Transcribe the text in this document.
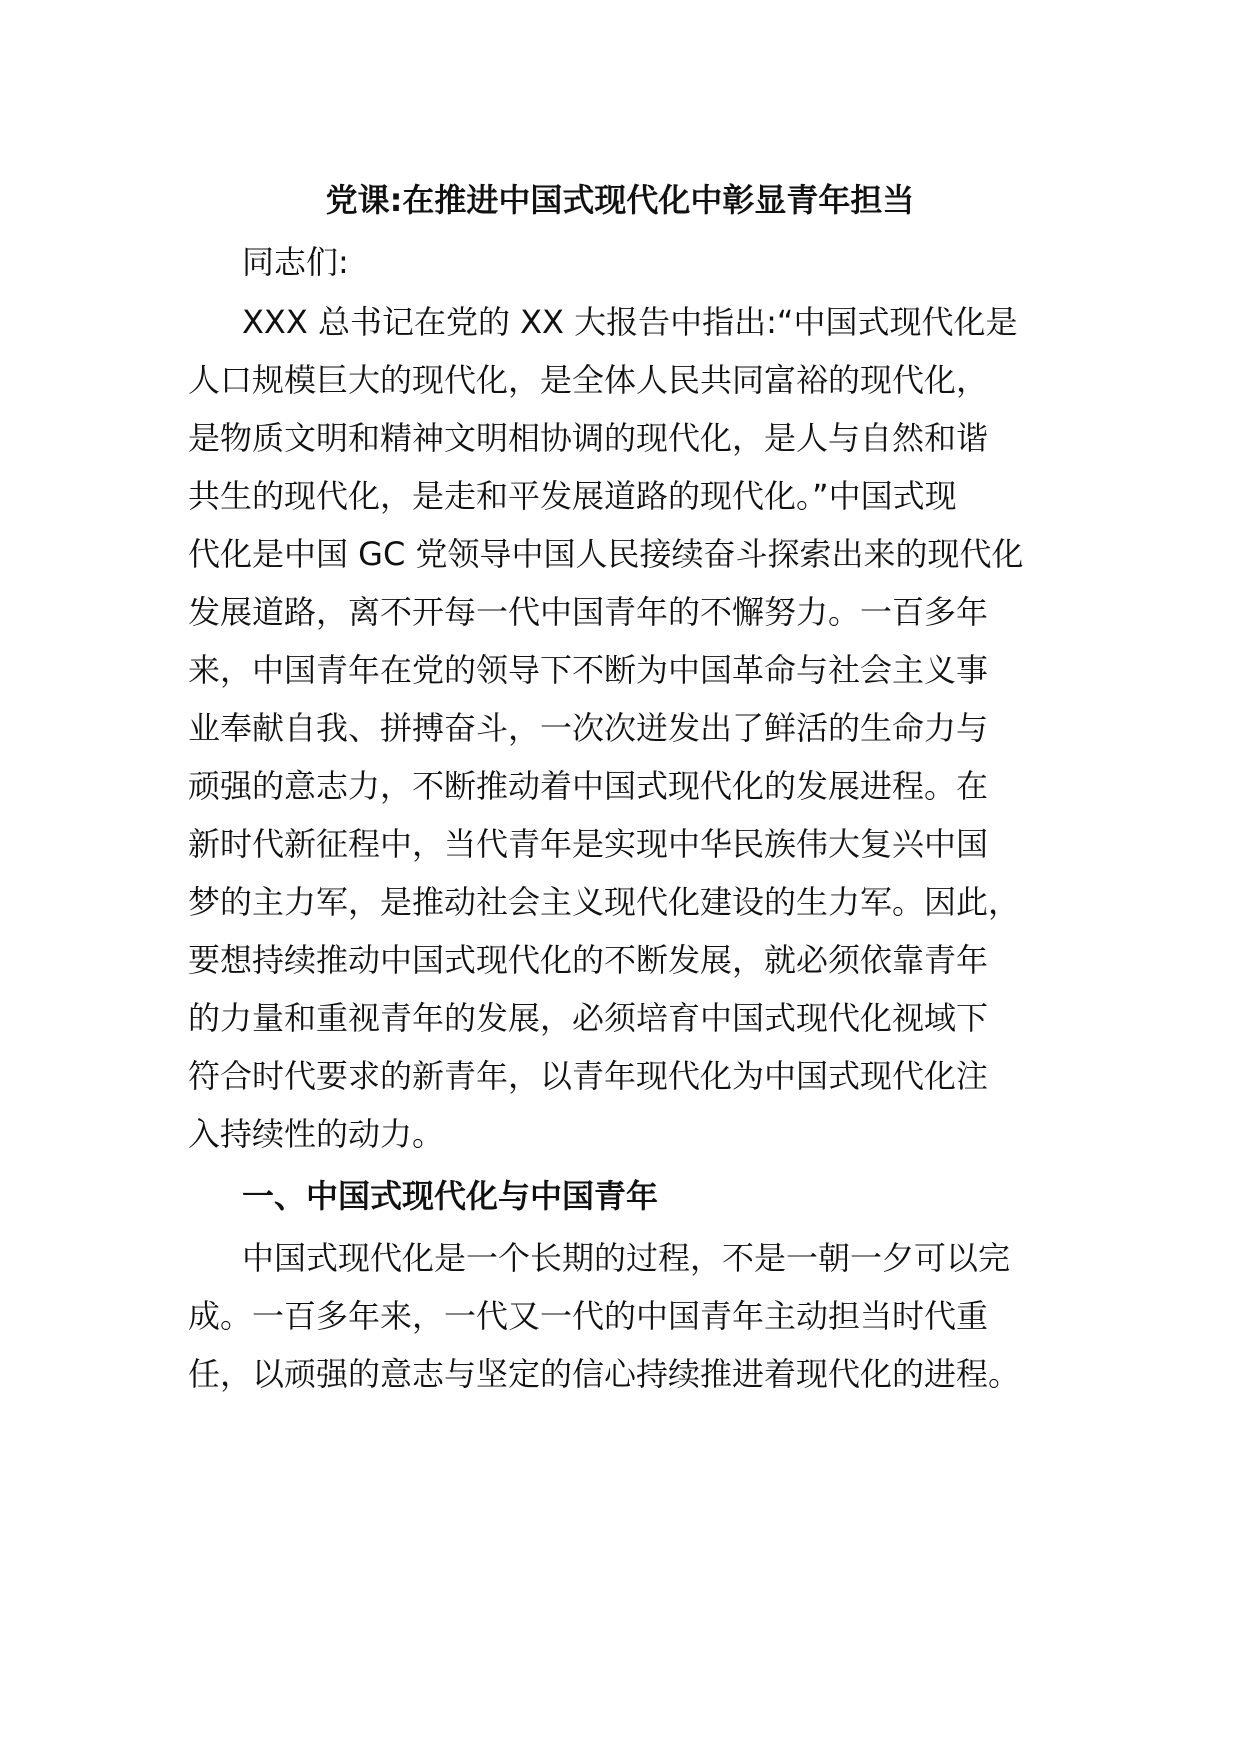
党课:在推进中国式现代化中彰显青年担当
同志们:
XXX 总书记在党的 XX 大报告中指出:“中国式现代化是
人口规模巨大的现代化，是全体人民共同富裕的现代化，
是物质文明和精神文明相协调的现代化，是人与自然和谐
共生的现代化，是走和平发展道路的现代化。”中国式现
代化是中国 GC 党领导中国人民接续奋斗探索出来的现代化
发展道路，离不开每一代中国青年的不懈努力。一百多年
来，中国青年在党的领导下不断为中国革命与社会主义事
业奉献自我、拼搏奋斗，一次次迸发出了鲜活的生命力与
顽强的意志力，不断推动着中国式现代化的发展进程。在
新时代新征程中，当代青年是实现中华民族伟大复兴中国
梦的主力军，是推动社会主义现代化建设的生力军。因此，
要想持续推动中国式现代化的不断发展，就必须依靠青年
的力量和重视青年的发展，必须培育中国式现代化视域下
符合时代要求的新青年，以青年现代化为中国式现代化注
入持续性的动力。
一、中国式现代化与中国青年
中国式现代化是一个长期的过程，不是一朝一夕可以完
成。一百多年来，一代又一代的中国青年主动担当时代重
任，以顽强的意志与坚定的信心持续推进着现代化的进程。
